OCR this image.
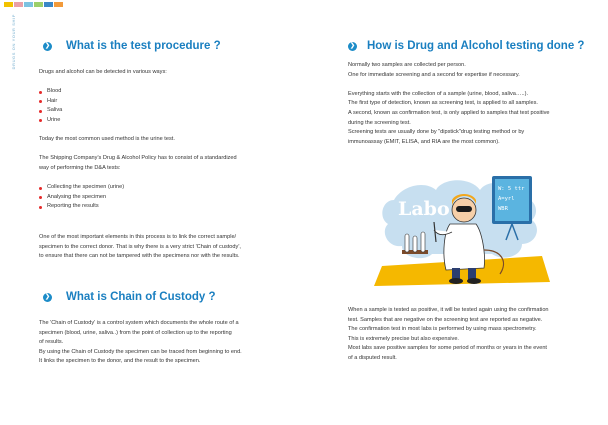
DRUGS ON YOUR SHIP	❯ What is the test procedure ?

Drugs and alcohol can be detected in various ways:

Blood
Hair
Saliva
Urine

Today the most common used method is the urine test.

The Shipping Company's Drug & Alcohol Policy has to consist of a standardized

way of performing the D&A tests:

Collecting the specimen (urine)
Analysing the specimen
Reporting the results

One of the most important elements in this process is to link the correct sample/

specimen to the correct donor. That is why there is a very strict 'Chain of custody',

to ensure that there can not be tampered with the specimens nor with the results.

❯ What is Chain of Custody ?

The 'Chain of Custody' is a control system which documents the whole route of a

specimen (blood, urine, saliva..) from the point of collection up to the reporting

of results.

By using the Chain of Custody the specimen can be traced from beginning to end.

It links the specimen to the donor, and the result to the specimen.

❯ How is Drug and Alcohol testing done ?

Normally two samples are collected per person.

One for immediate screening and a second for expertise if necessary.

Everything starts with the collection of a sample (urine, blood, saliva…..).

The first type of detection, known as screening test, is applied to all samples.

A second, known as confirmation test, is only applied to samples that test positive

during the screening test.

Screening tests are usually done by "dipstick"drug testing method or by

immunoassay (EMIT, ELISA, and RIA are the most common).

When a sample is tested as positive, it will be tested again using the confirmation

test. Samples that are negative on the screening test are reported as negative.

The confirmation test in most labs is performed by using mass spectrometry.

This is extremely precise but also expensive.

Most labs save positive samples for some period of months or years in the event

of a disputed result.

Labo
W: 5 ttr
A=yrl
WBR
